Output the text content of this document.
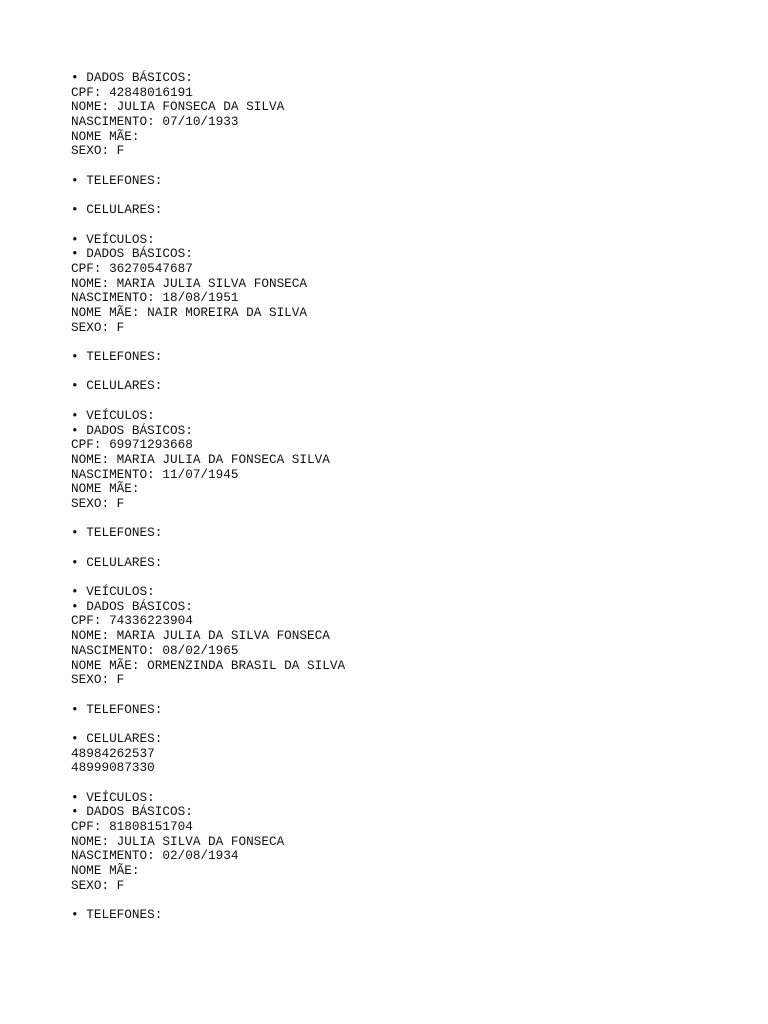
• DADOS BÁSICOS:
CPF: 42848016191
NOME: JULIA FONSECA DA SILVA
NASCIMENTO: 07/10/1933
NOME MÃE:
SEXO: F
• TELEFONES:
• CELULARES:
• VEÍCULOS:
• DADOS BÁSICOS:
CPF: 36270547687
NOME: MARIA JULIA SILVA FONSECA
NASCIMENTO: 18/08/1951
NOME MÃE: NAIR MOREIRA DA SILVA
SEXO: F
• TELEFONES:
• CELULARES:
• VEÍCULOS:
• DADOS BÁSICOS:
CPF: 69971293668
NOME: MARIA JULIA DA FONSECA SILVA
NASCIMENTO: 11/07/1945
NOME MÃE:
SEXO: F
• TELEFONES:
• CELULARES:
• VEÍCULOS:
• DADOS BÁSICOS:
CPF: 74336223904
NOME: MARIA JULIA DA SILVA FONSECA
NASCIMENTO: 08/02/1965
NOME MÃE: ORMENZINDA BRASIL DA SILVA
SEXO: F
• TELEFONES:
• CELULARES:
48984262537
48999087330
• VEÍCULOS:
• DADOS BÁSICOS:
CPF: 81808151704
NOME: JULIA SILVA DA FONSECA
NASCIMENTO: 02/08/1934
NOME MÃE:
SEXO: F
• TELEFONES:
